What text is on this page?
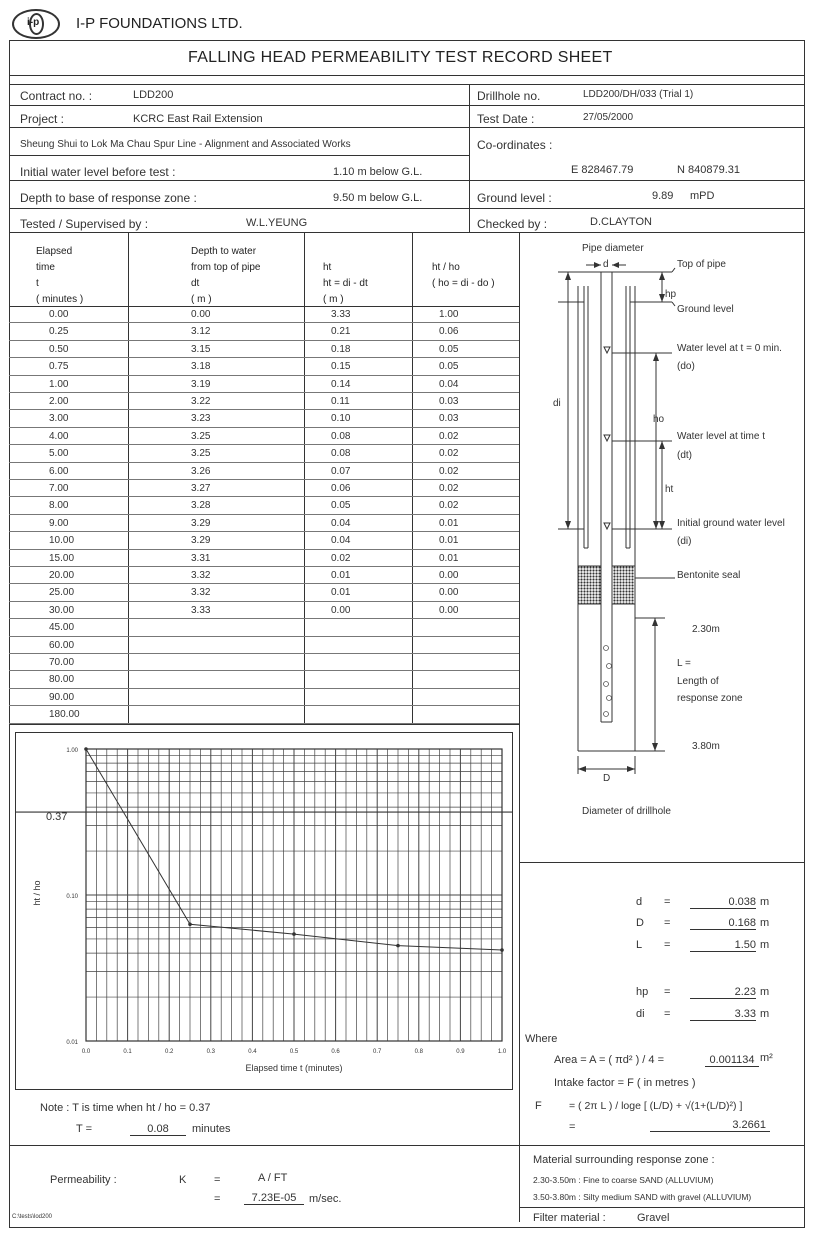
i-p I-P FOUNDATIONS LTD.
FALLING HEAD PERMEABILITY TEST RECORD SHEET
Contract no. :	LDD200	Drillhole no.	LDD200/DH/033 (Trial 1)
Project :	KCRC East Rail Extension	Test Date :	27/05/2000
Sheung Shui to Lok Ma Chau Spur Line - Alignment and Associated Works	Co-ordinates :
Initial water level before test :	1.10 m below G.L.	E 828467.79	N 840879.31
Depth to base of response zone :	9.50 m below G.L.	Ground level :	9.89 mPD
Tested / Supervised by :	W.L.YEUNG	Checked by :	D.CLAYTON
Elapsed
time
t
( minutes )
Depth to water
from top of pipe
dt
( m )
ht
ht = di - dt
( m )
ht / ho
( ho = di - do )
0.00	0.00	3.33	1.00
0.25	3.12	0.21	0.06
0.50	3.15	0.18	0.05
0.75	3.18	0.15	0.05
1.00	3.19	0.14	0.04
2.00	3.22	0.11	0.03
3.00	3.23	0.10	0.03
4.00	3.25	0.08	0.02
5.00	3.25	0.08	0.02
6.00	3.26	0.07	0.02
7.00	3.27	0.06	0.02
8.00	3.28	0.05	0.02
9.00	3.29	0.04	0.01
10.00	3.29	0.04	0.01
15.00	3.31	0.02	0.01
20.00	3.32	0.01	0.00
25.00	3.32	0.01	0.00
30.00	3.33	0.00	0.00
45.00
60.00
70.00
80.00
90.00
180.00
Pipe diameter
d	Top of pipe
hp
Ground level
Water level at t = 0 min.
(do)
di
ho
Water level at time t
(dt)
ht
Initial ground water level
(di)
Bentonite seal
2.30m
L =
Length of
response zone
3.80m
D
Diameter of drillhole
0.37
0.0	0.1	0.2	0.3	0.4	0.5	0.6	0.7	0.8	0.9	1.0
1.00
0.10
0.01
Elapsed time t (minutes)
ht / ho	d =	0.038 m
D =	0.168 m
L =	1.50 m
hp =	2.23 m
di =	3.33 m
Where
Area = A = ( πd² ) / 4 =	0.001134 m²
Intake factor = F ( in metres )
F	= ( 2π L ) / loge [ (L/D) + √(1+(L/D)²) ]
=	3.2661
Note : T is time when ht / ho = 0.37
T =	0.08	minutes
Permeability :	K	=	A / FT
=	7.23E-05	m/sec.
C:\tests\lod200
Material surrounding response zone :
2.30-3.50m : Fine to coarse SAND (ALLUVIUM)
3.50-3.80m : Silty medium SAND with gravel (ALLUVIUM)
Filter material :	Gravel
